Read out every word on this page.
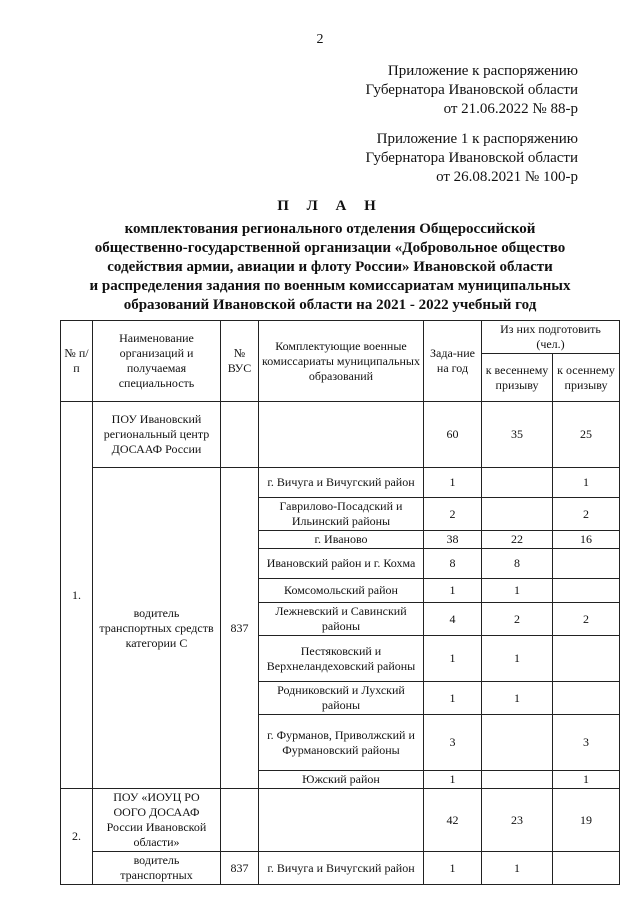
2
Приложение к распоряжению
Губернатора Ивановской области
от 21.06.2022 № 88-р
Приложение 1 к распоряжению
Губернатора Ивановской области
от 26.08.2021 № 100-р
П Л А Н
комплектования регионального отделения Общероссийской
общественно-государственной организации «Добровольное общество
содействия армии, авиации и флоту России» Ивановской области
и распределения задания по военным комиссариатам муниципальных
образований Ивановской области на 2021 - 2022 учебный год
№ п/п	Наименование организаций и получаемая специальность	№ ВУС	Комплектующие военные комиссариаты муниципальных образований	Зада-ние на год	Из них подготовить (чел.)	
					к весеннему призыву	к осеннему призыву
1.	ПОУ Ивановский региональный центр ДОСААФ России			60	35	25
	водитель транспортных средств категории С	837	г. Вичуга и Вичугский район	1		1
			Гаврилово-Посадский и Ильинский районы	2		2
			г. Иваново	38	22	16
			Ивановский район и г. Кохма	8	8	
			Комсомольский район	1	1	
			Лежневский и Савинский районы	4	2	2
			Пестяковский и Верхнеландеховский районы	1	1	
			Родниковский и Лухский районы	1	1	
			г. Фурманов, Приволжский и Фурмановский районы	3		3
			Южский район	1		1

2.	ПОУ «ИОУЦ РО ООГО ДОСААФ России Ивановской области»			42	23	19
	водитель транспортных	837	г. Вичуга и Вичугский район	1	1	
